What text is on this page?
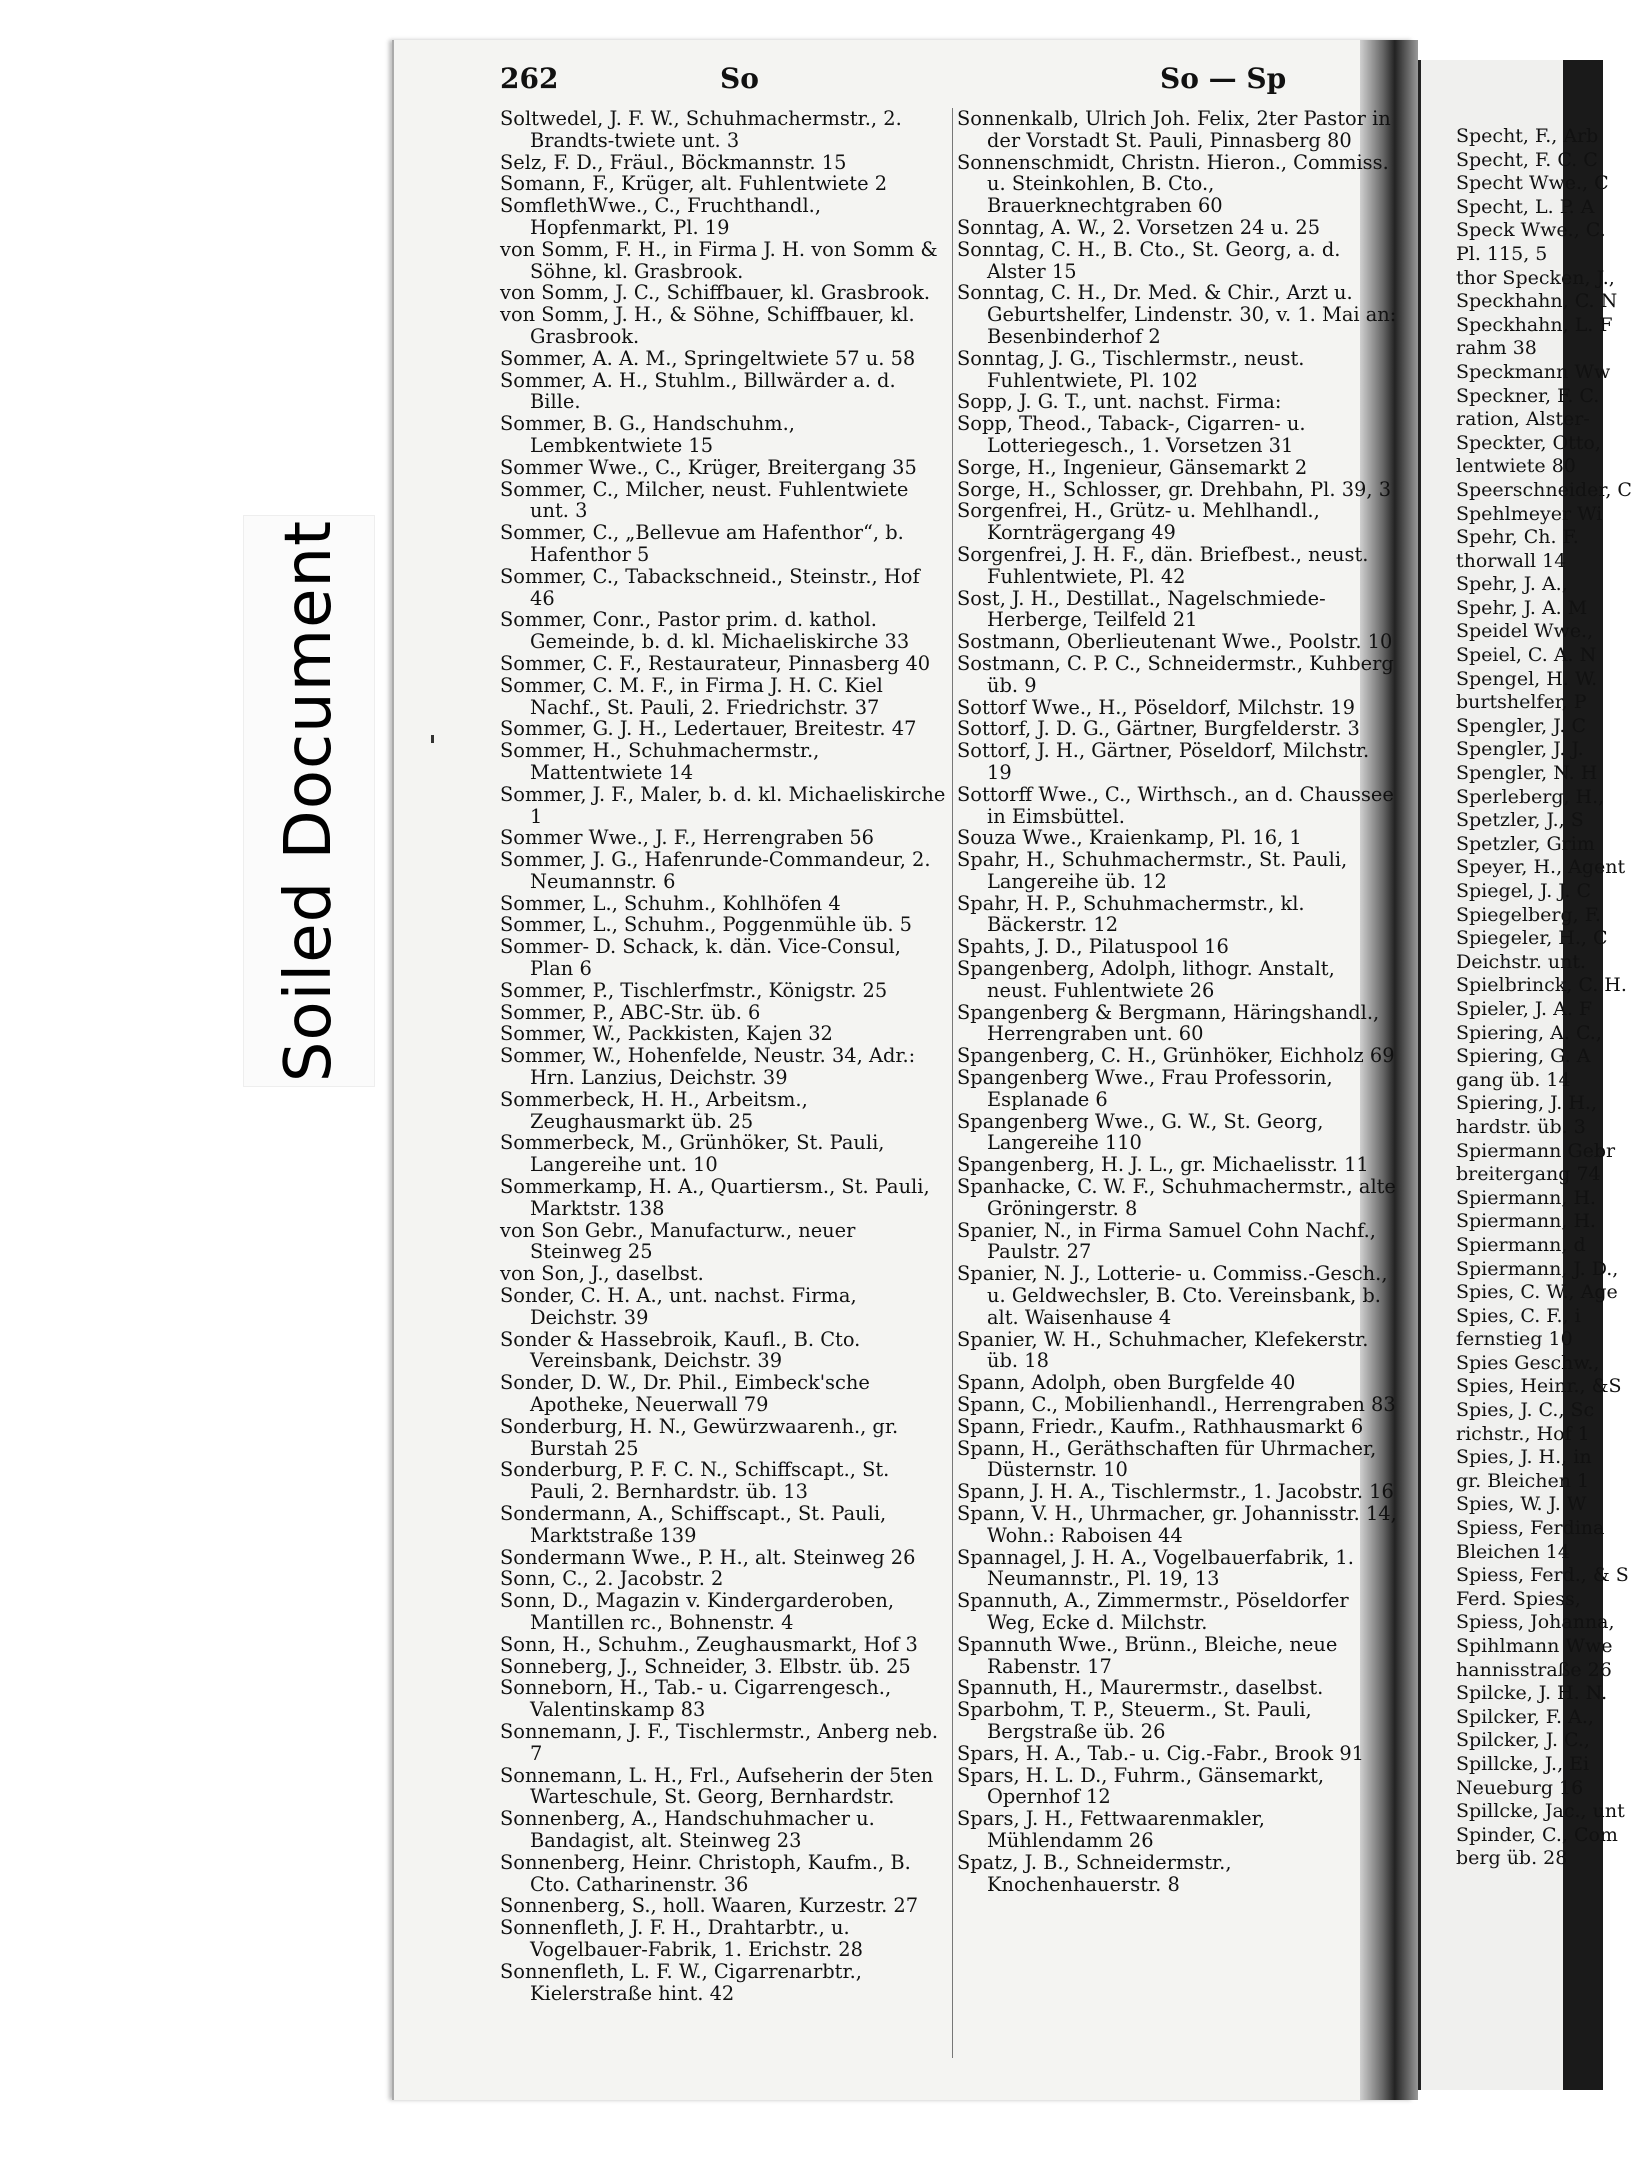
Soiled Document
Specht, F., Arb
Specht, F. C. C
Specht Wwe., C
Specht, L. P. A
Speck Wwe., C.
Pl. 115, 5
thor Specken, J.,
Speckhahn, C. N
Speckhahn, L. F
rahm 38
Speckmann Ww
Speckner, F. C.
ration, Alster-
Speckter, Otto,
lentwiete 80
Speerschneider, C
Spehlmeyer Wi
Spehr, Ch. F.
thorwall 14
Spehr, J. A.,
Spehr, J. A. M
Speidel Wwe.,
Speiel, C. A. N
Spengel, H. W.
burtshelfer, P
Spengler, J. C
Spengler, J. J.
Spengler, N. H
Sperleberg, H.,
Spetzler, J., S
Spetzler, Grim
Speyer, H., Agent
Spiegel, J. J. C
Spiegelberg, F.
Spiegeler, H., C
Deichstr. unt.
Spielbrinck, C. H.
Spieler, J. A. F
Spiering, A. C.,
Spiering, G. A
gang üb. 14
Spiering, J. H.,
hardstr. üb. 3
Spiermann Gebr
breitergang 74
Spiermann, H.
Spiermann, H.
Spiermann, d
Spiermann, J. D.,
Spies, C. W., Age
Spies, C. F., i
fernstieg 10
Spies Geschw.,
Spies, Heinr., &S
Spies, J. C., Sc
richstr., Hof 1
Spies, J. H., in
gr. Bleichen 1
Spies, W. J. W
Spiess, Ferdina
Bleichen 14
Spiess, Ferd., & S
Ferd. Spiess,
Spiess, Johanna,
Spihlmann Wwe
hannisstraße 26
Spilcke, J. H. N.
Spilcker, F. A.,
Spilcker, J. C.,
Spillcke, J., Ei
Neueburg 16
Spillcke, Jac., unt
Spinder, C., Com
berg üb. 28
262	So	So — Sp
Soltwedel, J. F. W., Schuhmachermstr., 2. Brandts-twiete unt. 3
Selz, F. D., Fräul., Böckmannstr. 15
Somann, F., Krüger, alt. Fuhlentwiete 2
SomflethWwe., C., Fruchthandl., Hopfenmarkt, Pl. 19
von Somm, F. H., in Firma J. H. von Somm & Söhne, kl. Grasbrook.
von Somm, J. C., Schiffbauer, kl. Grasbrook.
von Somm, J. H., & Söhne, Schiffbauer, kl. Grasbrook.
Sommer, A. A. M., Springeltwiete 57 u. 58
Sommer, A. H., Stuhlm., Billwärder a. d. Bille.
Sommer, B. G., Handschuhm., Lembkentwiete 15
Sommer Wwe., C., Krüger, Breitergang 35
Sommer, C., Milcher, neust. Fuhlentwiete unt. 3
Sommer, C., „Bellevue am Hafenthor“, b. Hafenthor 5
Sommer, C., Tabackschneid., Steinstr., Hof 46
Sommer, Conr., Pastor prim. d. kathol. Gemeinde, b. d. kl. Michaeliskirche 33
Sommer, C. F., Restaurateur, Pinnasberg 40
Sommer, C. M. F., in Firma J. H. C. Kiel Nachf., St. Pauli, 2. Friedrichstr. 37
Sommer, G. J. H., Ledertauer, Breitestr. 47
Sommer, H., Schuhmachermstr., Mattentwiete 14
Sommer, J. F., Maler, b. d. kl. Michaeliskirche 1
Sommer Wwe., J. F., Herrengraben 56
Sommer, J. G., Hafenrunde-Commandeur, 2. Neumannstr. 6
Sommer, L., Schuhm., Kohlhöfen 4
Sommer, L., Schuhm., Poggenmühle üb. 5
Sommer- D. Schack, k. dän. Vice-Consul, Plan 6
Sommer, P., Tischlerfmstr., Königstr. 25
Sommer, P., ABC-Str. üb. 6
Sommer, W., Packkisten, Kajen 32
Sommer, W., Hohenfelde, Neustr. 34, Adr.: Hrn. Lanzius, Deichstr. 39
Sommerbeck, H. H., Arbeitsm., Zeughausmarkt üb. 25
Sommerbeck, M., Grünhöker, St. Pauli, Langereihe unt. 10
Sommerkamp, H. A., Quartiersm., St. Pauli, Marktstr. 138
von Son Gebr., Manufacturw., neuer Steinweg 25
von Son, J., daselbst.
Sonder, C. H. A., unt. nachst. Firma, Deichstr. 39
Sonder & Hassebroik, Kaufl., B. Cto. Vereinsbank, Deichstr. 39
Sonder, D. W., Dr. Phil., Eimbeck'sche Apotheke, Neuerwall 79
Sonderburg, H. N., Gewürzwaarenh., gr. Burstah 25
Sonderburg, P. F. C. N., Schiffscapt., St. Pauli, 2. Bernhardstr. üb. 13
Sondermann, A., Schiffscapt., St. Pauli, Marktstraße 139
Sondermann Wwe., P. H., alt. Steinweg 26
Sonn, C., 2. Jacobstr. 2
Sonn, D., Magazin v. Kindergarderoben, Mantillen rc., Bohnenstr. 4
Sonn, H., Schuhm., Zeughausmarkt, Hof 3
Sonneberg, J., Schneider, 3. Elbstr. üb. 25
Sonneborn, H., Tab.- u. Cigarrengesch., Valentinskamp 83
Sonnemann, J. F., Tischlermstr., Anberg neb. 7
Sonnemann, L. H., Frl., Aufseherin der 5ten Warteschule, St. Georg, Bernhardstr.
Sonnenberg, A., Handschuhmacher u. Bandagist, alt. Steinweg 23
Sonnenberg, Heinr. Christoph, Kaufm., B. Cto. Catharinenstr. 36
Sonnenberg, S., holl. Waaren, Kurzestr. 27
Sonnenfleth, J. F. H., Drahtarbtr., u. Vogelbauer-Fabrik, 1. Erichstr. 28
Sonnenfleth, L. F. W., Cigarrenarbtr., Kielerstraße hint. 42
Sonnenkalb, Ulrich Joh. Felix, 2ter Pastor in der Vorstadt St. Pauli, Pinnasberg 80
Sonnenschmidt, Christn. Hieron., Commiss. u. Steinkohlen, B. Cto., Brauerknechtgraben 60
Sonntag, A. W., 2. Vorsetzen 24 u. 25
Sonntag, C. H., B. Cto., St. Georg, a. d. Alster 15
Sonntag, C. H., Dr. Med. & Chir., Arzt u. Geburtshelfer, Lindenstr. 30, v. 1. Mai an: Besenbinderhof 2
Sonntag, J. G., Tischlermstr., neust. Fuhlentwiete, Pl. 102
Sopp, J. G. T., unt. nachst. Firma:
Sopp, Theod., Taback-, Cigarren- u. Lotteriegesch., 1. Vorsetzen 31
Sorge, H., Ingenieur, Gänsemarkt 2
Sorge, H., Schlosser, gr. Drehbahn, Pl. 39, 3
Sorgenfrei, H., Grütz- u. Mehlhandl., Kornträgergang 49
Sorgenfrei, J. H. F., dän. Briefbest., neust. Fuhlentwiete, Pl. 42
Sost, J. H., Destillat., Nagelschmiede-Herberge, Teilfeld 21
Sostmann, Oberlieutenant Wwe., Poolstr. 10
Sostmann, C. P. C., Schneidermstr., Kuhberg üb. 9
Sottorf Wwe., H., Pöseldorf, Milchstr. 19
Sottorf, J. D. G., Gärtner, Burgfelderstr. 3
Sottorf, J. H., Gärtner, Pöseldorf, Milchstr. 19
Sottorff Wwe., C., Wirthsch., an d. Chaussee in Eimsbüttel.
Souza Wwe., Kraienkamp, Pl. 16, 1
Spahr, H., Schuhmachermstr., St. Pauli, Langereihe üb. 12
Spahr, H. P., Schuhmachermstr., kl. Bäckerstr. 12
Spahts, J. D., Pilatuspool 16
Spangenberg, Adolph, lithogr. Anstalt, neust. Fuhlentwiete 26
Spangenberg & Bergmann, Häringshandl., Herrengraben unt. 60
Spangenberg, C. H., Grünhöker, Eichholz 69
Spangenberg Wwe., Frau Professorin, Esplanade 6
Spangenberg Wwe., G. W., St. Georg, Langereihe 110
Spangenberg, H. J. L., gr. Michaelisstr. 11
Spanhacke, C. W. F., Schuhmachermstr., alte Gröningerstr. 8
Spanier, N., in Firma Samuel Cohn Nachf., Paulstr. 27
Spanier, N. J., Lotterie- u. Commiss.-Gesch., u. Geldwechsler, B. Cto. Vereinsbank, b. alt. Waisenhause 4
Spanier, W. H., Schuhmacher, Klefekerstr. üb. 18
Spann, Adolph, oben Burgfelde 40
Spann, C., Mobilienhandl., Herrengraben 83
Spann, Friedr., Kaufm., Rathhausmarkt 6
Spann, H., Geräthschaften für Uhrmacher, Düsternstr. 10
Spann, J. H. A., Tischlermstr., 1. Jacobstr. 16
Spann, V. H., Uhrmacher, gr. Johannisstr. 14, Wohn.: Raboisen 44
Spannagel, J. H. A., Vogelbauerfabrik, 1. Neumannstr., Pl. 19, 13
Spannuth, A., Zimmermstr., Pöseldorfer Weg, Ecke d. Milchstr.
Spannuth Wwe., Brünn., Bleiche, neue Rabenstr. 17
Spannuth, H., Maurermstr., daselbst.
Sparbohm, T. P., Steuerm., St. Pauli, Bergstraße üb. 26
Spars, H. A., Tab.- u. Cig.-Fabr., Brook 91
Spars, H. L. D., Fuhrm., Gänsemarkt, Opernhof 12
Spars, J. H., Fettwaarenmakler, Mühlendamm 26
Spatz, J. B., Schneidermstr., Knochenhauerstr. 8
